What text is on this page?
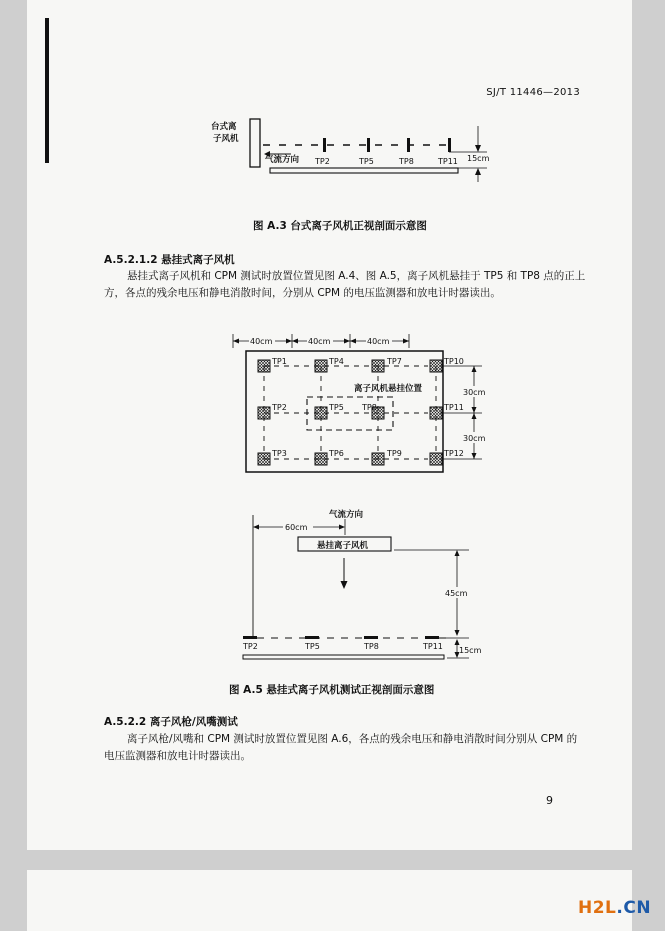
SJ/T 11446—2013
台式离
子风机
气流方向 TP2	TP5	TP8	TP11 15cm
图 A.3 台式离子风机正视剖面示意图
A.5.2.1.2 悬挂式离子风机
悬挂式离子风机和 CPM 测试时放置位置见图 A.4、图 A.5，离子风机悬挂于 TP5 和 TP8 点的正上
方，各点的残余电压和静电消散时间，分别从 CPM 的电压监测器和放电计时器读出。
40cm	40cm	40cm
离子风机悬挂位置
TP1	TP4	TP7	TP10
TP2	TP5 TP8	TP11
TP3	TP6	TP9	TP12
30cm
30cm
气流方向
60cm
悬挂离子风机
45cm
TP2	TP5	TP8	TP11 15cm
图 A.5 悬挂式离子风机测试正视剖面示意图
A.5.2.2 离子风枪/风嘴测试
离子风枪/风嘴和 CPM 测试时放置位置见图 A.6，各点的残余电压和静电消散时间分别从 CPM 的
电压监测器和放电计时器读出。
9
H2L.CN
